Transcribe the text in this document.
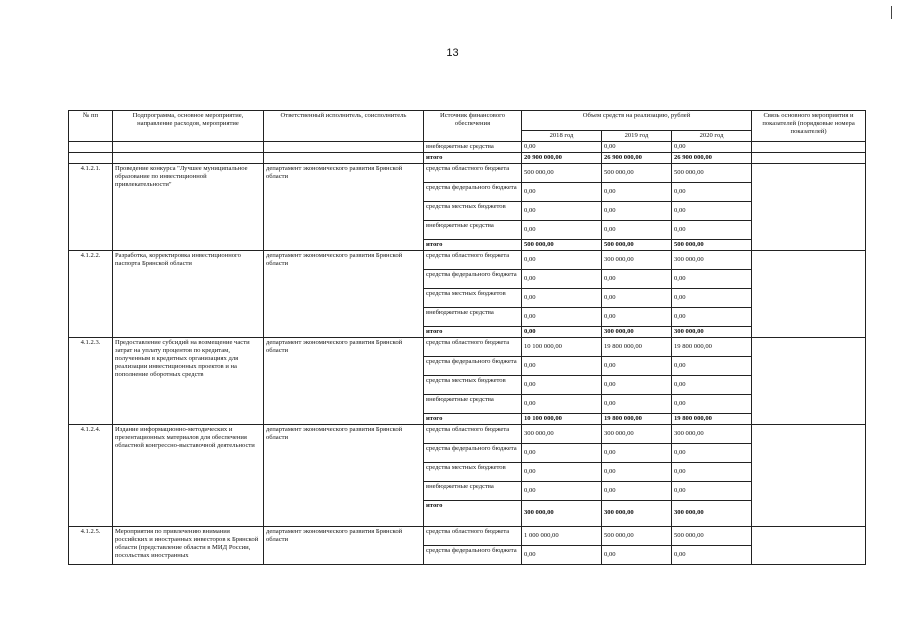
13
№ пп	Подпрограмма, основное мероприятие, направление расходов, мероприятие	Ответственный исполнитель, соисполнитель	Источник финансового обеспечения	Объем средств на реализацию, рублей			Связь основного мероприятия и показателей (порядковые номера показателей)
				2018 год	2019 год	2020 год	
			внебюджетные средства	0,00	0,00	0,00	
			итого	20 900 000,00	26 900 000,00	26 900 000,00	
4.1.2.1.	Проведение конкурса "Лучшее муниципальное образование по инвестиционной привлекательности"	департамент экономического развития Брянской области	средства областного бюджета	500 000,00	500 000,00	500 000,00	
			средства федерального бюджета	0,00	0,00	0,00	
			средства местных бюджетов	0,00	0,00	0,00	
			внебюджетные средства	0,00	0,00	0,00	
			итого	500 000,00	500 000,00	500 000,00	
4.1.2.2.	Разработка, корректировка инвестиционного паспорта Брянской области	департамент экономического развития Брянской области	средства областного бюджета	0,00	300 000,00	300 000,00	
			средства федерального бюджета	0,00	0,00	0,00	
			средства местных бюджетов	0,00	0,00	0,00	
			внебюджетные средства	0,00	0,00	0,00	
			итого	0,00	300 000,00	300 000,00	
4.1.2.3.	Предоставление субсидий на возмещение части затрат на уплату процентов по кредитам, полученным в кредитных организациях для реализации инвестиционных проектов и на пополнение оборотных средств	департамент экономического развития Брянской области	средства областного бюджета	10 100 000,00	19 800 000,00	19 800 000,00	
			средства федерального бюджета	0,00	0,00	0,00	
			средства местных бюджетов	0,00	0,00	0,00	
			внебюджетные средства	0,00	0,00	0,00	
			итого	10 100 000,00	19 800 000,00	19 800 000,00	
4.1.2.4.	Издание информационно-методических и презентационных материалов для обеспечения областной конгрессно-выставочной деятельности	департамент экономического развития Брянской области	средства областного бюджета	300 000,00	300 000,00	300 000,00	
			средства федерального бюджета	0,00	0,00	0,00	
			средства местных бюджетов	0,00	0,00	0,00	
			внебюджетные средства	0,00	0,00	0,00	
			итого	300 000,00	300 000,00	300 000,00	
4.1.2.5.	Мероприятия по привлечению внимания российских и иностранных инвесторов к Брянской области (представление области в МИД России, посольствах иностранных	департамент экономического развития Брянской области	средства областного бюджета	1 000 000,00	500 000,00	500 000,00	
			средства федерального бюджета	0,00	0,00	0,00	
